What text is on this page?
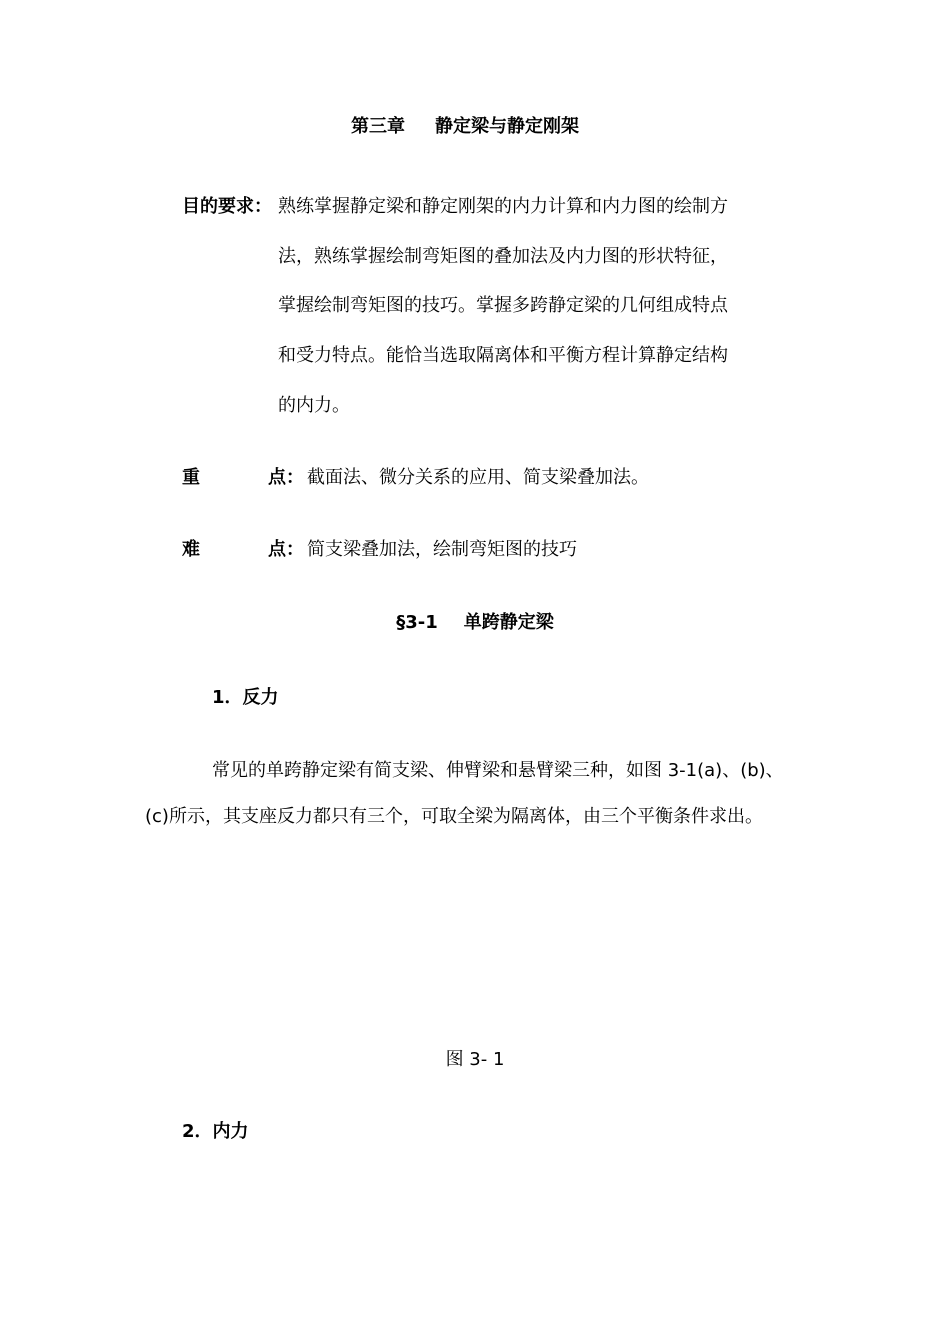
第三章 静定梁与静定刚架
目的要求： 熟练掌握静定梁和静定刚架的内力计算和内力图的绘制方
法，熟练掌握绘制弯矩图的叠加法及内力图的形状特征，
掌握绘制弯矩图的技巧。掌握多跨静定梁的几何组成特点
和受力特点。能恰当选取隔离体和平衡方程计算静定结构
的内力。
重	点： 截面法、微分关系的应用、简支梁叠加法。
难	点： 简支梁叠加法，绘制弯矩图的技巧
§3-1 单跨静定梁
1．反力
常见的单跨静定梁有简支梁、伸臂梁和悬臂梁三种，如图 3-1(a)、(b)、
(c)所示，其支座反力都只有三个，可取全梁为隔离体，由三个平衡条件求出。
图 3- 1
2．内力
